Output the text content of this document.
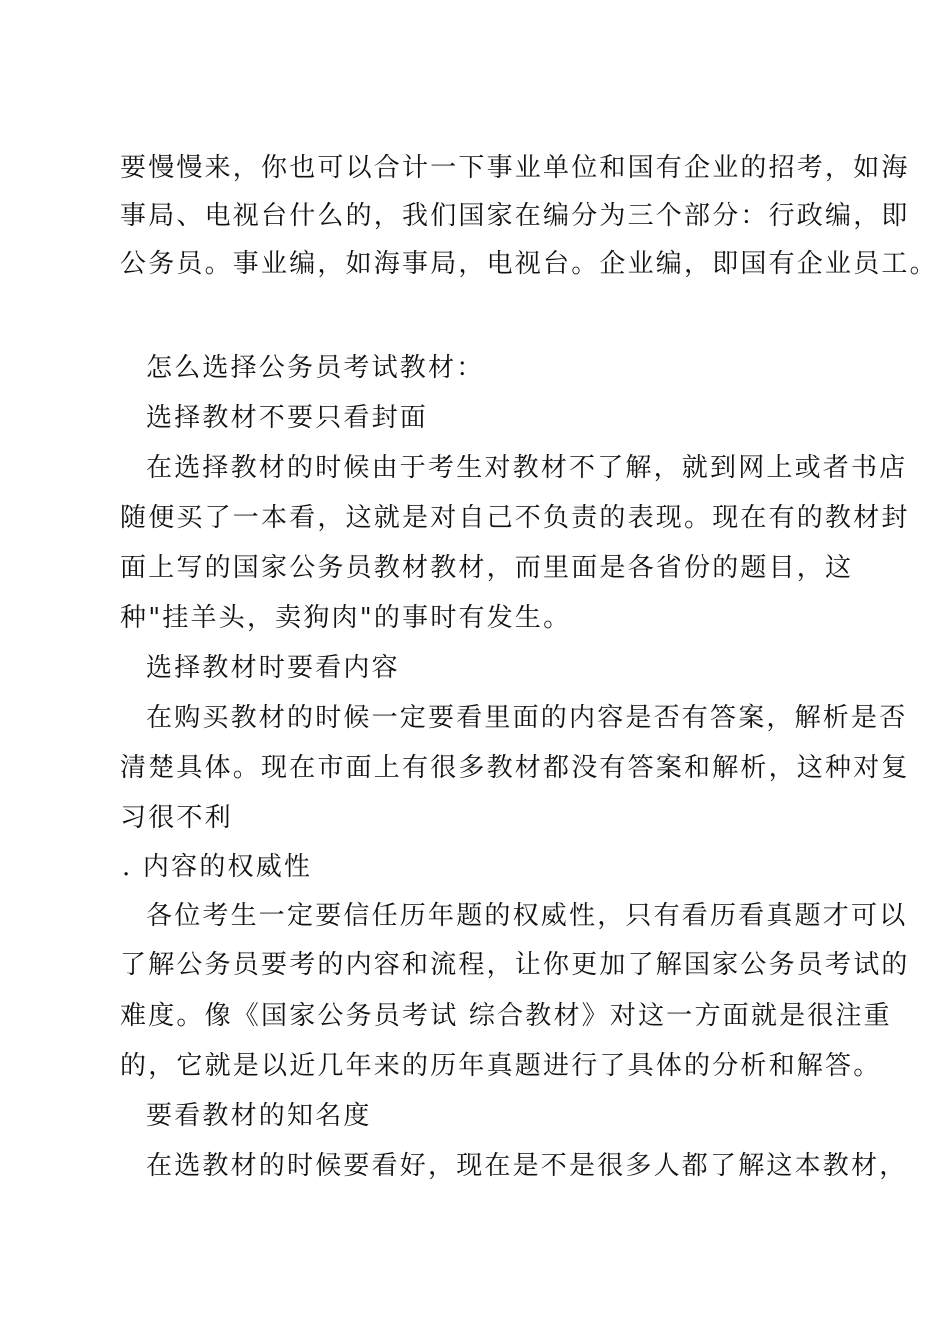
要慢慢来，你也可以合计一下事业单位和国有企业的招考，如海
事局、电视台什么的，我们国家在编分为三个部分：行政编，即
公务员。事业编，如海事局，电视台。企业编，即国有企业员工。
怎么选择公务员考试教材：
选择教材不要只看封面
在选择教材的时候由于考生对教材不了解，就到网上或者书店
随便买了一本看，这就是对自己不负责的表现。现在有的教材封
面上写的国家公务员教材教材，而里面是各省份的题目，这
种"挂羊头，卖狗肉"的事时有发生。
选择教材时要看内容
在购买教材的时候一定要看里面的内容是否有答案，解析是否
清楚具体。现在市面上有很多教材都没有答案和解析，这种对复
习很不利
. 内容的权威性
各位考生一定要信任历年题的权威性，只有看历看真题才可以
了解公务员要考的内容和流程，让你更加了解国家公务员考试的
难度。像《国家公务员考试 综合教材》对这一方面就是很注重
的，它就是以近几年来的历年真题进行了具体的分析和解答。
要看教材的知名度
在选教材的时候要看好，现在是不是很多人都了解这本教材，
